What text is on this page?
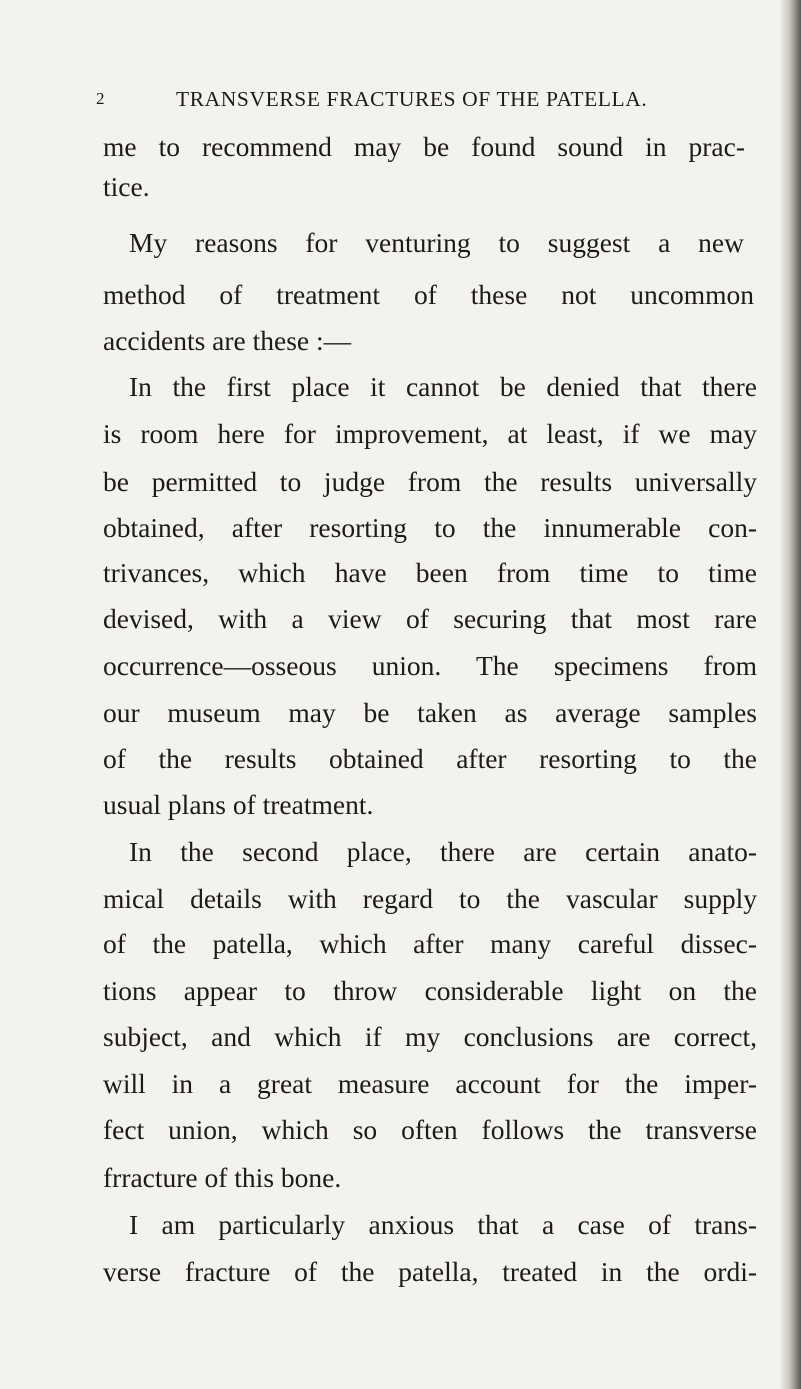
2	TRANSVERSE FRACTURES OF THE PATELLA.
me to recommend may be found sound in prac-
tice.
My reasons for venturing to suggest a new
method of treatment of these not uncommon
accidents are these :—
In the first place it cannot be denied that there
is room here for improvement, at least, if we may
be permitted to judge from the results universally
obtained, after resorting to the innumerable con-
trivances, which have been from time to time
devised, with a view of securing that most rare
occurrence—osseous union. The specimens from
our museum may be taken as average samples
of the results obtained after resorting to the
usual plans of treatment.
In the second place, there are certain anato-
mical details with regard to the vascular supply
of the patella, which after many careful dissec-
tions appear to throw considerable light on the
subject, and which if my conclusions are correct,
will in a great measure account for the imper-
fect union, which so often follows the transverse
frracture of this bone.
I am particularly anxious that a case of trans-
verse fracture of the patella, treated in the ordi-
